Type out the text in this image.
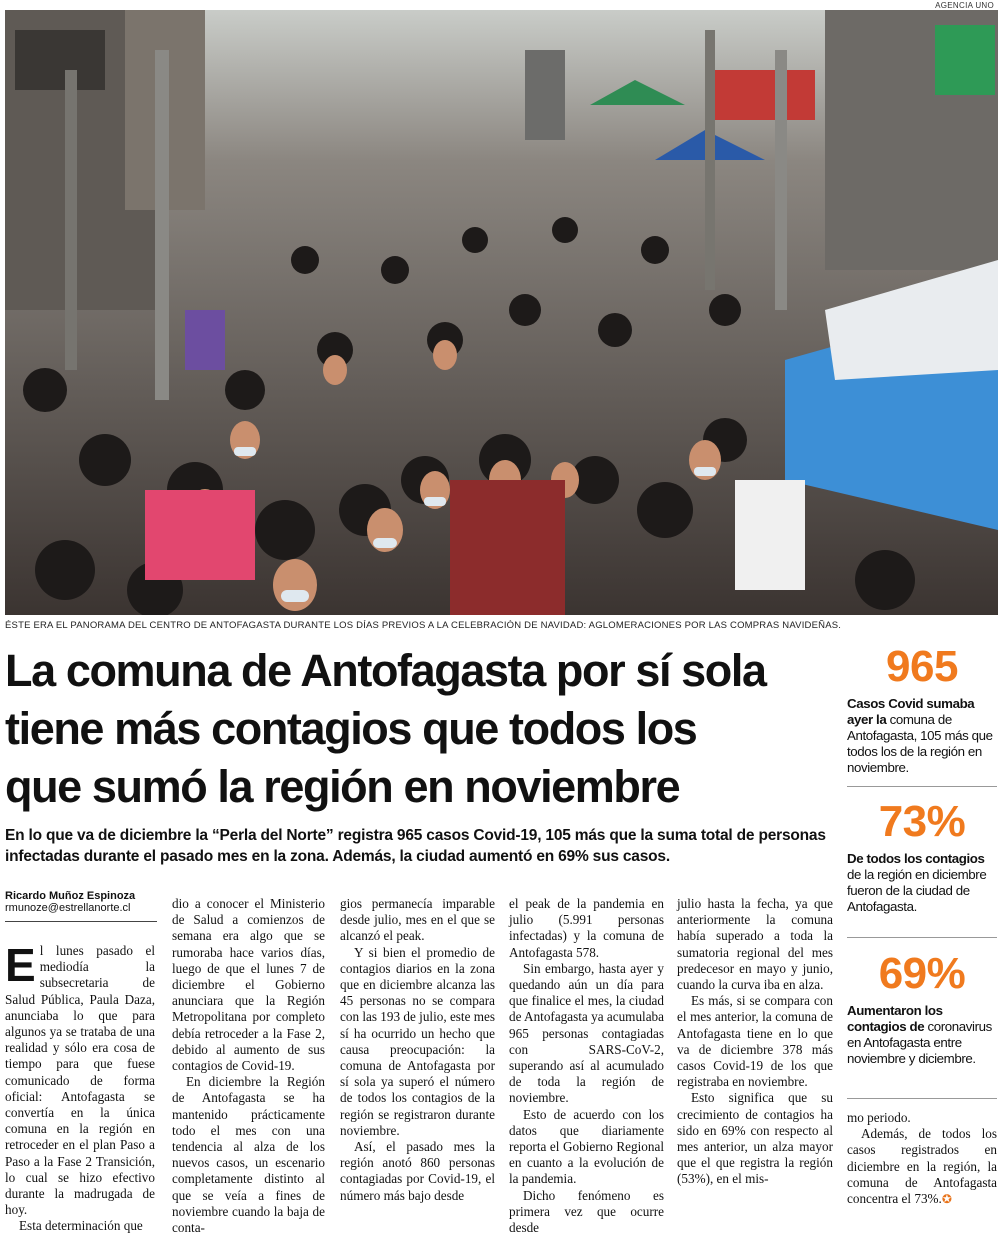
AGENCIA UNO
ÉSTE ERA EL PANORAMA DEL CENTRO DE ANTOFAGASTA DURANTE LOS DÍAS PREVIOS A LA CELEBRACIÓN DE NAVIDAD: AGLOMERACIONES POR LAS COMPRAS NAVIDEÑAS.
La comuna de Antofagasta por sí sola
tiene más contagios que todos los
que sumó la región en noviembre

En lo que va de diciembre la “Perla del Norte” registra 965 casos Covid-19, 105 más que la suma total de personas infectadas durante el pasado mes en la zona. Además, la ciudad aumentó en 69% sus casos.

Ricardo Muñoz Espinoza
rmunoze@estrellanorte.cl
E l lunes pasado el mediodía la subsecretaria de Salud Pública, Paula Daza, anunciaba lo que para algunos ya se trataba de una realidad y sólo era cosa de tiempo para que fuese comunicado de forma oficial: Antofagasta se convertía en la única comuna en la región en retroceder en el plan Paso a Paso a la Fase 2 Transición, lo cual se hizo efectivo durante la madrugada de hoy.

Esta determinación que

dio a conocer el Ministerio de Salud a comienzos de semana era algo que se rumoraba hace varios días, luego de que el lunes 7 de diciembre el Gobierno anunciara que la Región Metropolitana por completo debía retroceder a la Fase 2, debido al aumento de sus contagios de Covid-19.

En diciembre la Región de Antofagasta se ha mantenido prácticamente todo el mes con una tendencia al alza de los nuevos casos, un escenario completamente distinto al que se veía a fines de noviembre cuando la baja de conta-

gios permanecía imparable desde julio, mes en el que se alcanzó el peak.

Y si bien el promedio de contagios diarios en la zona que en diciembre alcanza las 45 personas no se compara con las 193 de julio, este mes sí ha ocurrido un hecho que causa preocupación: la comuna de Antofagasta por sí sola ya superó el número de todos los contagios de la región se registraron durante noviembre.

Así, el pasado mes la región anotó 860 personas contagiadas por Covid-19, el número más bajo desde

el peak de la pandemia en julio (5.991 personas infectadas) y la comuna de Antofagasta 578.

Sin embargo, hasta ayer y quedando aún un día para que finalice el mes, la ciudad de Antofagasta ya acumulaba 965 personas contagiadas con SARS-CoV-2, superando así al acumulado de toda la región de noviembre.

Esto de acuerdo con los datos que diariamente reporta el Gobierno Regional en cuanto a la evolución de la pandemia.

Dicho fenómeno es primera vez que ocurre desde

julio hasta la fecha, ya que anteriormente la comuna había superado a toda la sumatoria regional del mes predecesor en mayo y junio, cuando la curva iba en alza.

Es más, si se compara con el mes anterior, la comuna de Antofagasta tiene en lo que va de diciembre 378 más casos Covid-19 de los que registraba en noviembre.

Esto significa que su crecimiento de contagios ha sido en 69% con respecto al mes anterior, un alza mayor que el que registra la región (53%), en el mis-

mo periodo.

Además, de todos los casos registrados en diciembre en la región, la comuna de Antofagasta concentra el 73%.✪

965
Casos Covid sumaba ayer la comuna de Antofagasta, 105 más que todos los de la región en noviembre.
73%
De todos los contagios de la región en diciembre fueron de la ciudad de Antofagasta.
69%
Aumentaron los contagios de coronavirus en Antofagasta entre noviembre y diciembre.
